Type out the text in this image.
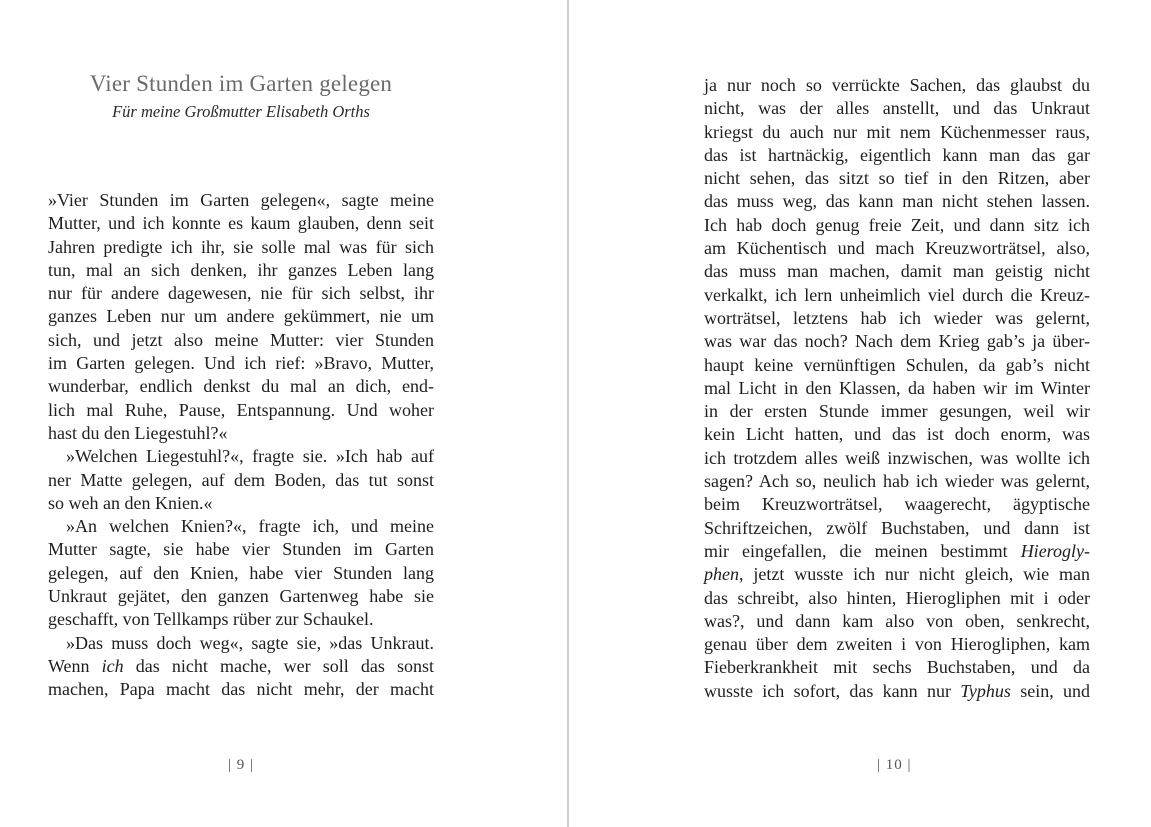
Vier Stunden im Garten gelegen
Für meine Großmutter Elisabeth Orths
»Vier Stunden im Garten gelegen«, sagte meine
Mutter, und ich konnte es kaum glauben, denn seit
Jahren predigte ich ihr, sie solle mal was für sich
tun, mal an sich denken, ihr ganzes Leben lang
nur für andere dagewesen, nie für sich selbst, ihr
ganzes Leben nur um andere gekümmert, nie um
sich, und jetzt also meine Mutter: vier Stunden
im Garten gelegen. Und ich rief: »Bravo, Mutter,
wunderbar, endlich denkst du mal an dich, end-
lich mal Ruhe, Pause, Entspannung. Und woher
hast du den Liegestuhl?«
»Welchen Liegestuhl?«, fragte sie. »Ich hab auf
ner Matte gelegen, auf dem Boden, das tut sonst
so weh an den Knien.«
»An welchen Knien?«, fragte ich, und meine
Mutter sagte, sie habe vier Stunden im Garten
gelegen, auf den Knien, habe vier Stunden lang
Unkraut gejätet, den ganzen Gartenweg habe sie
geschafft, von Tellkamps rüber zur Schaukel.
»Das muss doch weg«, sagte sie, »das Unkraut.
Wenn ich das nicht mache, wer soll das sonst
machen, Papa macht das nicht mehr, der macht
| 9 |
ja nur noch so verrückte Sachen, das glaubst du
nicht, was der alles anstellt, und das Unkraut
kriegst du auch nur mit nem Küchenmesser raus,
das ist hartnäckig, eigentlich kann man das gar
nicht sehen, das sitzt so tief in den Ritzen, aber
das muss weg, das kann man nicht stehen lassen.
Ich hab doch genug freie Zeit, und dann sitz ich
am Küchentisch und mach Kreuzworträtsel, also,
das muss man machen, damit man geistig nicht
verkalkt, ich lern unheimlich viel durch die Kreuz-
worträtsel, letztens hab ich wieder was gelernt,
was war das noch? Nach dem Krieg gab’s ja über-
haupt keine vernünftigen Schulen, da gab’s nicht
mal Licht in den Klassen, da haben wir im Winter
in der ersten Stunde immer gesungen, weil wir
kein Licht hatten, und das ist doch enorm, was
ich trotzdem alles weiß inzwischen, was wollte ich
sagen? Ach so, neulich hab ich wieder was gelernt,
beim Kreuzworträtsel, waagerecht, ägyptische
Schriftzeichen, zwölf Buchstaben, und dann ist
mir eingefallen, die meinen bestimmt Hierogly-
phen, jetzt wusste ich nur nicht gleich, wie man
das schreibt, also hinten, Hierogliphen mit i oder
was?, und dann kam also von oben, senkrecht,
genau über dem zweiten i von Hierogliphen, kam
Fieberkrankheit mit sechs Buchstaben, und da
wusste ich sofort, das kann nur Typhus sein, und
| 10 |
